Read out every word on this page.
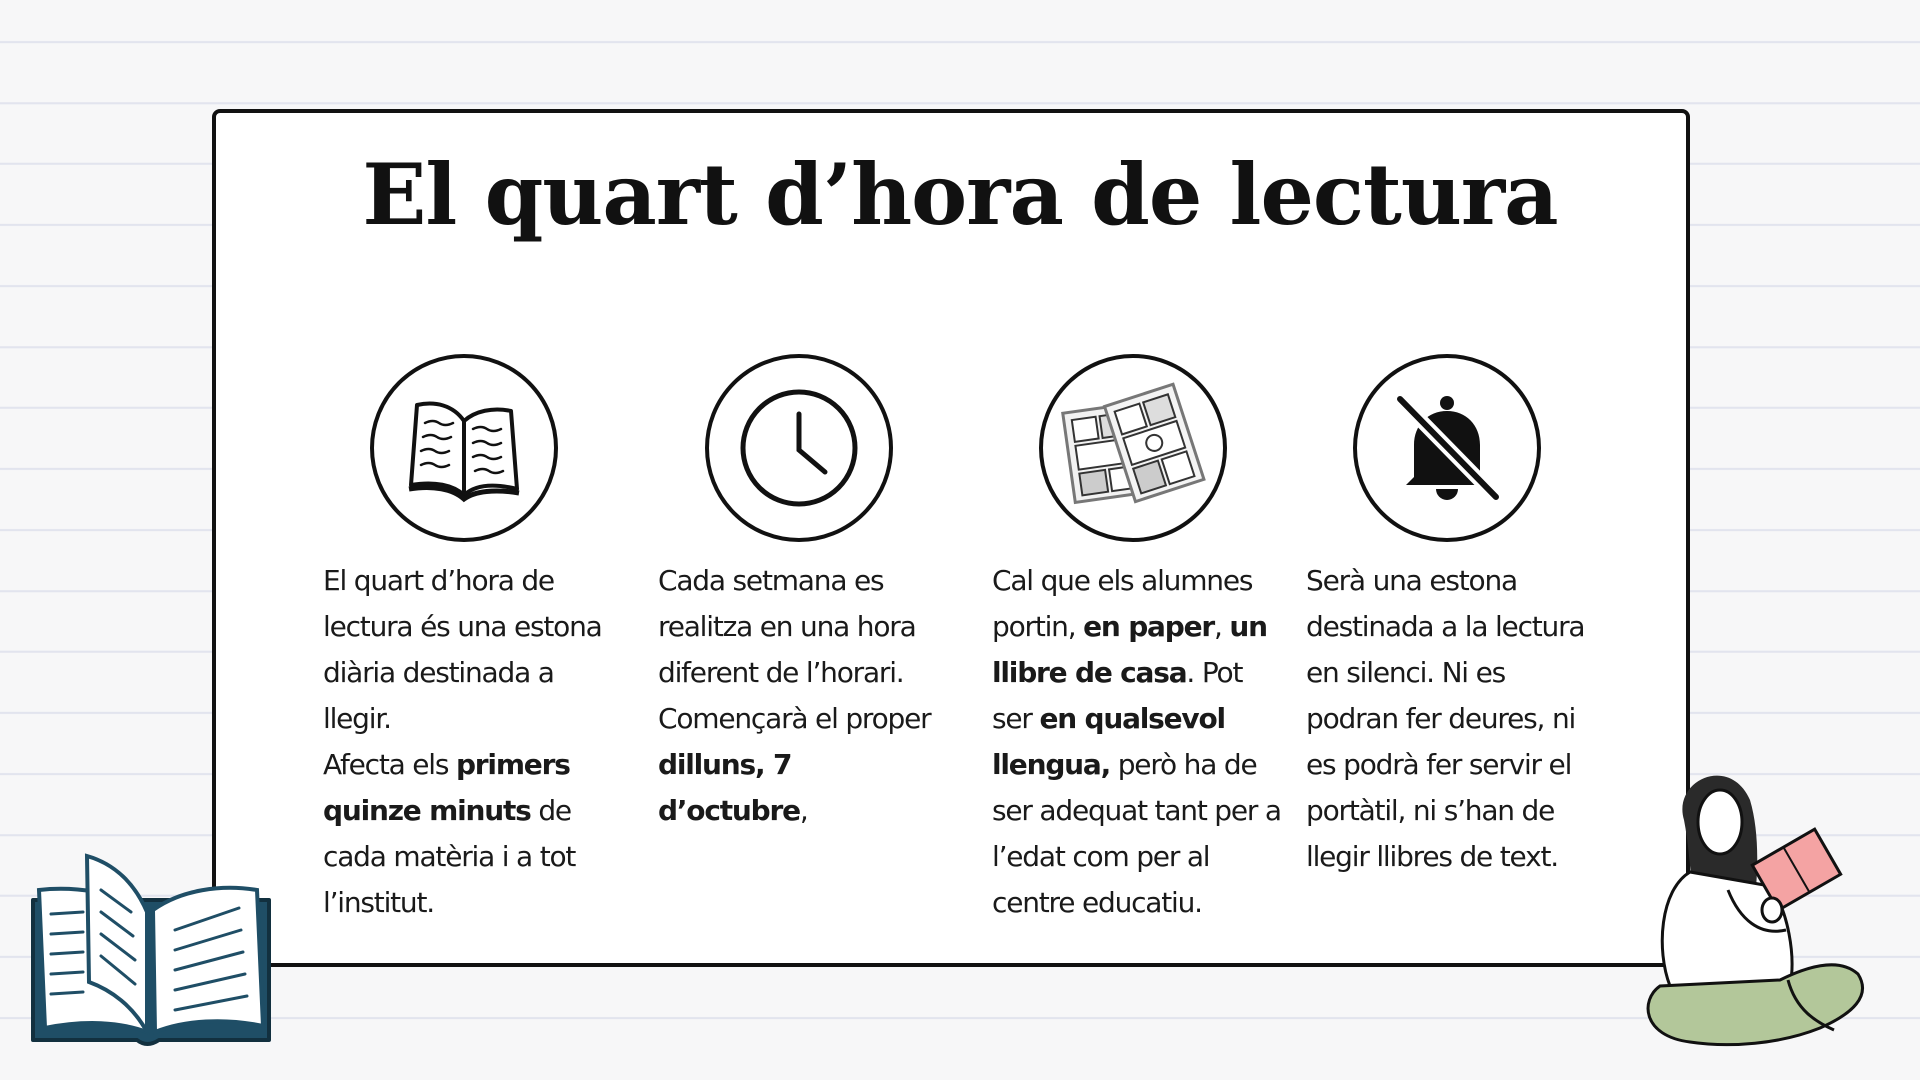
El quart d’hora de lectura
El quart d’hora de lectura és una estona diària destinada a llegir.
Afecta els primers quinze minuts de cada matèria i a tot l’institut.
Cada setmana es realitza en una hora diferent de l’horari.
Començarà el proper dilluns, 7 d’octubre,
Cal que els alumnes portin, en paper, un llibre de casa. Pot ser en qualsevol llengua, però ha de ser adequat tant per a l’edat com per al centre educatiu.
Serà una estona destinada a la lectura en silenci. Ni es podran fer deures, ni es podrà fer servir el portàtil, ni s’han de llegir llibres de text.
